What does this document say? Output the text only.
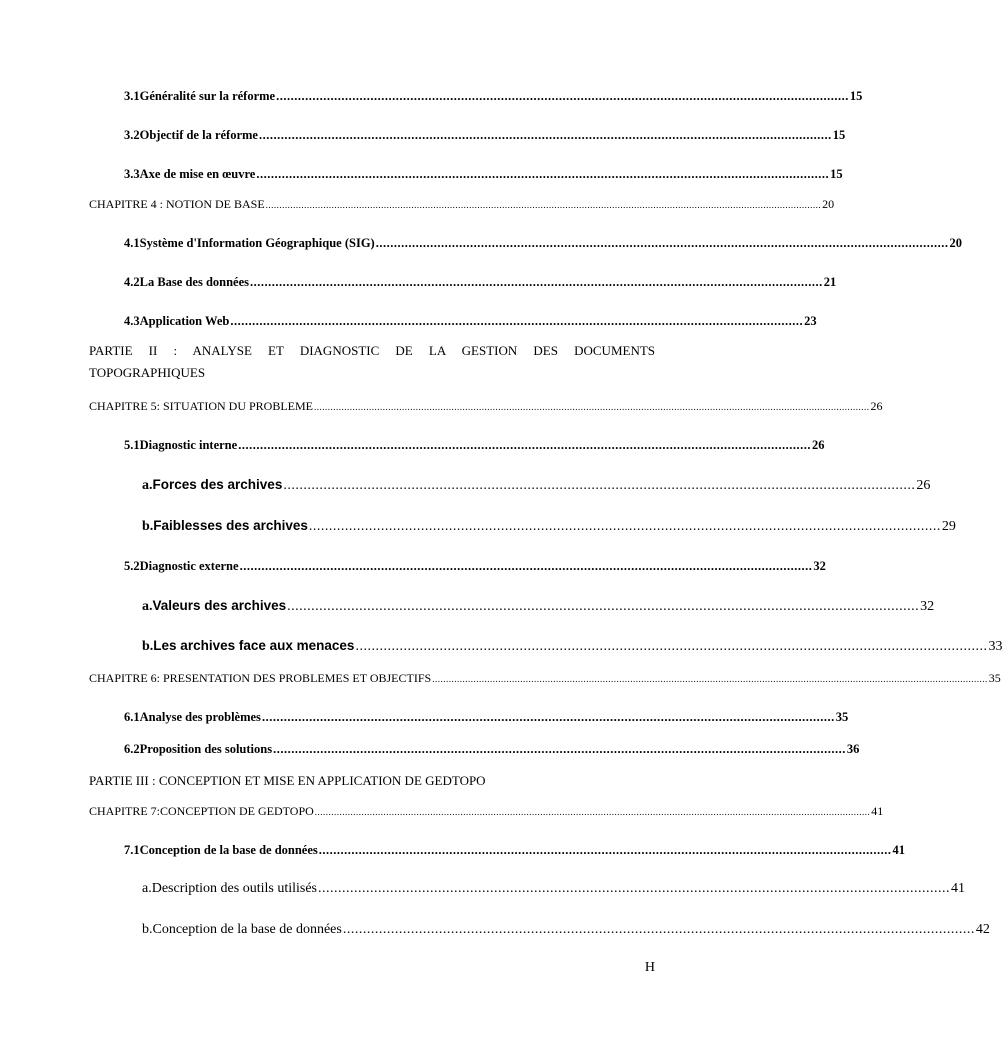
3.1 Généralité sur la réforme .............................................................................................................................................................. 15
3.2 Objectif de la réforme .............................................................................................................................................................. 15
3.3 Axe de mise en œuvre .............................................................................................................................................................. 15
CHAPITRE 4 : NOTION DE BASE .......................................................................................................................................................................................................... 20
4.1 Système d'Information Géographique (SIG) .............................................................................................................................................................. 20
4.2 La Base des données .............................................................................................................................................................. 21
4.3 Application Web .............................................................................................................................................................. 23
PARTIE II : ANALYSE ET DIAGNOSTIC DE LA GESTION DES DOCUMENTS
TOPOGRAPHIQUES
CHAPITRE 5: SITUATION DU PROBLEME .......................................................................................................................................................................................................... 26
5.1 Diagnostic interne .............................................................................................................................................................. 26
a. Forces des archives .............................................................................................................................................................. 26
b. Faiblesses des archives .............................................................................................................................................................. 29
5.2 Diagnostic externe .............................................................................................................................................................. 32
a. Valeurs des archives .............................................................................................................................................................. 32
b. Les archives face aux menaces .............................................................................................................................................................. 33
CHAPITRE 6: PRESENTATION DES PROBLEMES ET OBJECTIFS .......................................................................................................................................................................................................... 35
6.1 Analyse des problèmes .............................................................................................................................................................. 35
6.2 Proposition des solutions .............................................................................................................................................................. 36
PARTIE III : CONCEPTION ET MISE EN APPLICATION DE GEDTOPO
CHAPITRE 7:CONCEPTION DE GEDTOPO .......................................................................................................................................................................................................... 41
7.1 Conception de la base de données .............................................................................................................................................................. 41
a. Description des outils utilisés .............................................................................................................................................................. 41
b. Conception de la base de données .............................................................................................................................................................. 42
H
